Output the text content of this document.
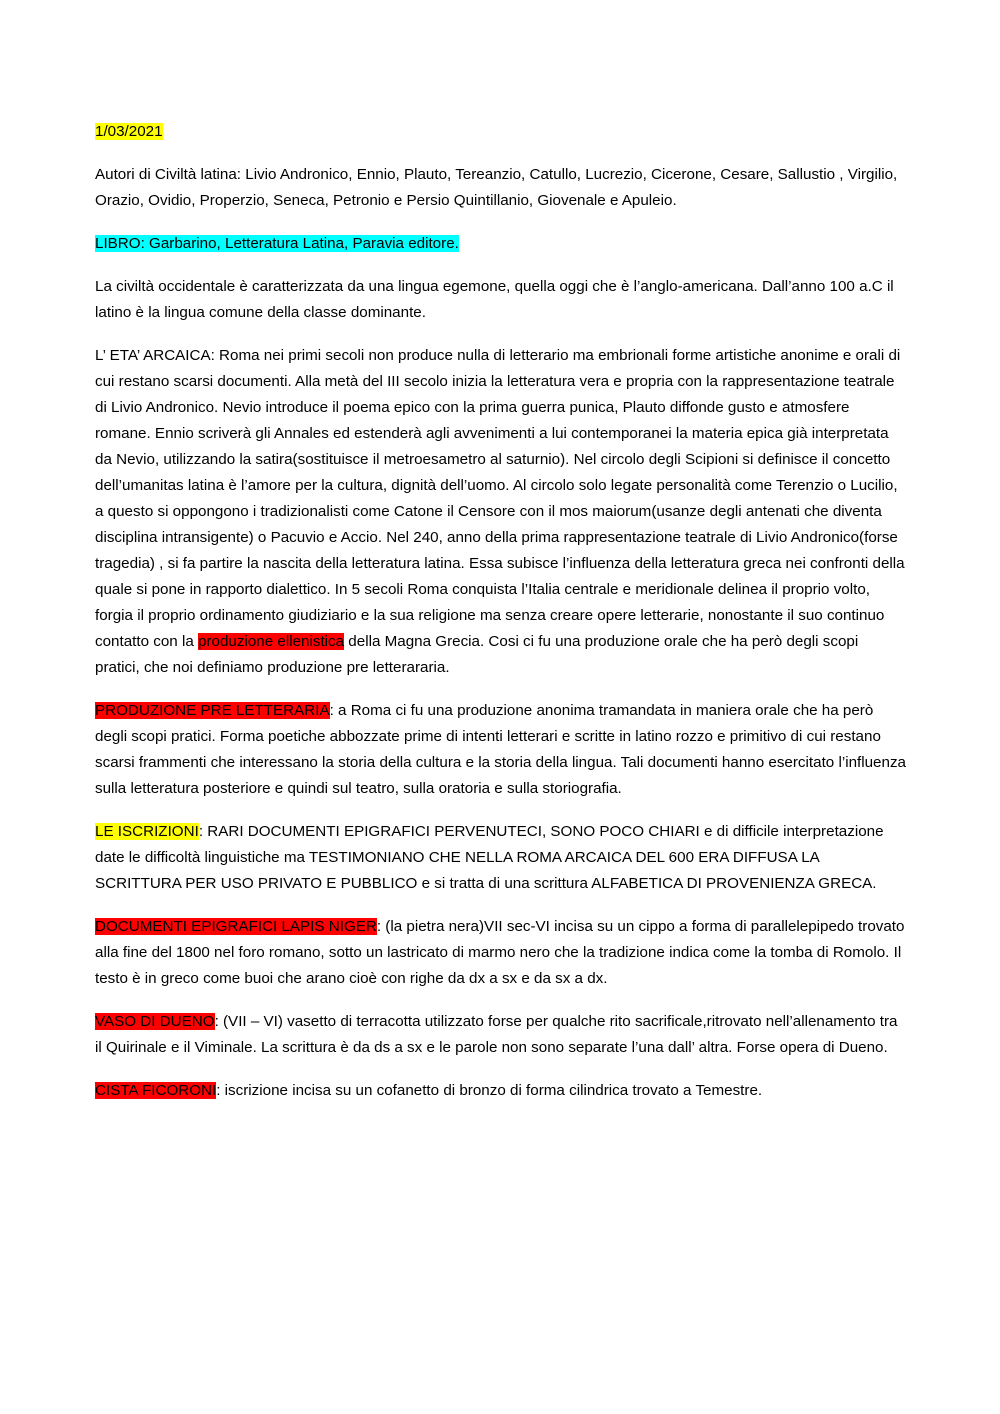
1/03/2021

Autori di Civiltà latina: Livio Andronico, Ennio, Plauto, Tereanzio, Catullo, Lucrezio, Cicerone, Cesare, Sallustio , Virgilio, Orazio, Ovidio, Properzio, Seneca, Petronio e Persio Quintillanio, Giovenale e Apuleio.

LIBRO: Garbarino, Letteratura Latina, Paravia editore.

La civiltà occidentale è caratterizzata da una lingua egemone, quella oggi che è l’anglo-americana. Dall’anno 100 a.C il latino è la lingua comune della classe dominante.

L’ ETA’ ARCAICA: Roma nei primi secoli non produce nulla di letterario ma embrionali forme artistiche anonime e orali di cui restano scarsi documenti. Alla metà del III secolo inizia la letteratura vera e propria con la rappresentazione teatrale di Livio Andronico. Nevio introduce il poema epico con la prima guerra punica, Plauto diffonde gusto e atmosfere romane. Ennio scriverà gli Annales ed estenderà agli avvenimenti a lui contemporanei la materia epica già interpretata da Nevio, utilizzando la satira(sostituisce il metroesametro al saturnio). Nel circolo degli Scipioni si definisce il concetto dell’umanitas latina è l’amore per la cultura, dignità dell’uomo. Al circolo solo legate personalità come Terenzio o Lucilio, a questo si oppongono i tradizionalisti come Catone il Censore con il mos maiorum(usanze degli antenati che diventa disciplina intransigente) o Pacuvio e Accio. Nel 240, anno della prima rappresentazione teatrale di Livio Andronico(forse tragedia) , si fa partire la nascita della letteratura latina. Essa subisce l’influenza della letteratura greca nei confronti della quale si pone in rapporto dialettico. In 5 secoli Roma conquista l’Italia centrale e meridionale delinea il proprio volto, forgia il proprio ordinamento giudiziario e la sua religione ma senza creare opere letterarie, nonostante il suo continuo contatto con la produzione ellenistica della Magna Grecia. Cosi ci fu una produzione orale che ha però degli scopi pratici, che noi definiamo produzione pre letterararia.

PRODUZIONE PRE LETTERARIA: a Roma ci fu una produzione anonima tramandata in maniera orale che ha però degli scopi pratici. Forma poetiche abbozzate prime di intenti letterari e scritte in latino rozzo e primitivo di cui restano scarsi frammenti che interessano la storia della cultura e la storia della lingua. Tali documenti hanno esercitato l’influenza sulla letteratura posteriore e quindi sul teatro, sulla oratoria e sulla storiografia.

LE ISCRIZIONI: RARI DOCUMENTI EPIGRAFICI PERVENUTECI, SONO POCO CHIARI e di difficile interpretazione date le difficoltà linguistiche ma TESTIMONIANO CHE NELLA ROMA ARCAICA DEL 600 ERA DIFFUSA LA SCRITTURA PER USO PRIVATO E PUBBLICO e si tratta di una scrittura ALFABETICA DI PROVENIENZA GRECA.

DOCUMENTI EPIGRAFICI LAPIS NIGER: (la pietra nera)VII sec-VI incisa su un cippo a forma di parallelepipedo trovato alla fine del 1800 nel foro romano, sotto un lastricato di marmo nero che la tradizione indica come la tomba di Romolo. Il testo è in greco come buoi che arano cioè con righe da dx a sx e da sx a dx.

VASO DI DUENO: (VII – VI) vasetto di terracotta utilizzato forse per qualche rito sacrificale,ritrovato nell’allenamento tra il Quirinale e il Viminale. La scrittura è da ds a sx e le parole non sono separate l’una dall’ altra. Forse opera di Dueno.

CISTA FICORONI: iscrizione incisa su un cofanetto di bronzo di forma cilindrica trovato a Temestre.
